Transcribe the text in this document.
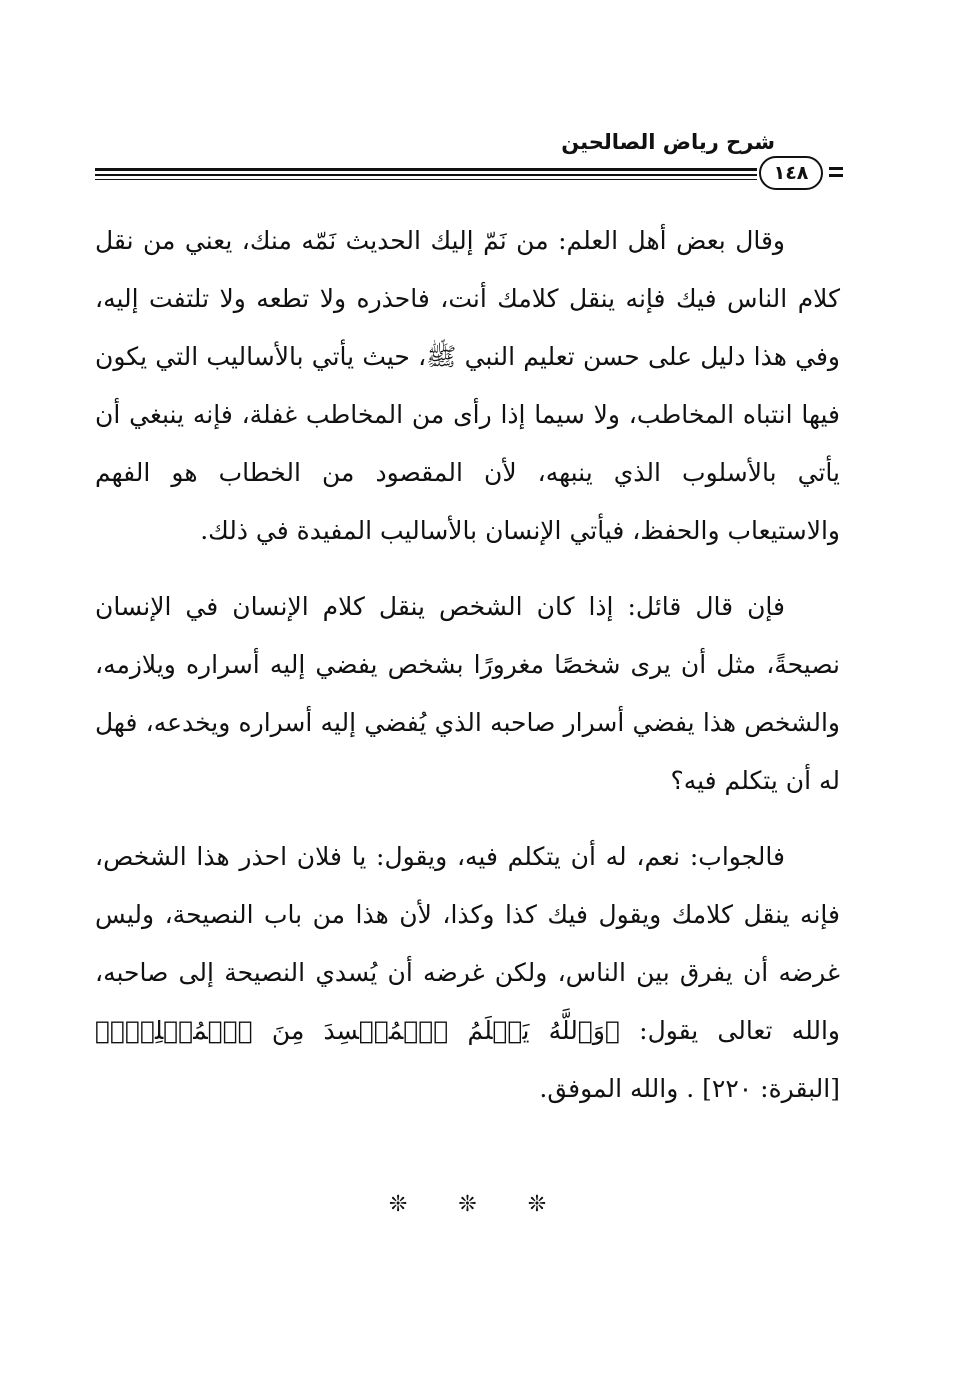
شرح رياض الصالحين
١٤٨

وقال بعض أهل العلم: من نَمّ إليك الحديث نَمّه منك، يعني من نقل كلام الناس فيك فإنه ينقل كلامك أنت، فاحذره ولا تطعه ولا تلتفت إليه، وفي هذا دليل على حسن تعليم النبي ﷺ، حيث يأتي بالأساليب التي يكون فيها انتباه المخاطب، ولا سيما إذا رأى من المخاطب غفلة، فإنه ينبغي أن يأتي بالأسلوب الذي ينبهه، لأن المقصود من الخطاب هو الفهم والاستيعاب والحفظ، فيأتي الإنسان بالأساليب المفيدة في ذلك.

فإن قال قائل: إذا كان الشخص ينقل كلام الإنسان في الإنسان نصيحةً، مثل أن يرى شخصًا مغرورًا بشخص يفضي إليه أسراره ويلازمه، والشخص هذا يفضي أسرار صاحبه الذي يُفضي إليه أسراره ويخدعه، فهل له أن يتكلم فيه؟

فالجواب: نعم، له أن يتكلم فيه، ويقول: يا فلان احذر هذا الشخص، فإنه ينقل كلامك ويقول فيك كذا وكذا، لأن هذا من باب النصيحة، وليس غرضه أن يفرق بين الناس، ولكن غرضه أن يُسدي النصيحة إلى صاحبه، والله تعالى يقول: ﴿وَٱللَّهُ يَعۡلَمُ ٱلۡمُفۡسِدَ مِنَ ٱلۡمُصۡلِحِۚ﴾[البقرة: ٢٢٠] . والله الموفق.

❊ ❊ ❊
